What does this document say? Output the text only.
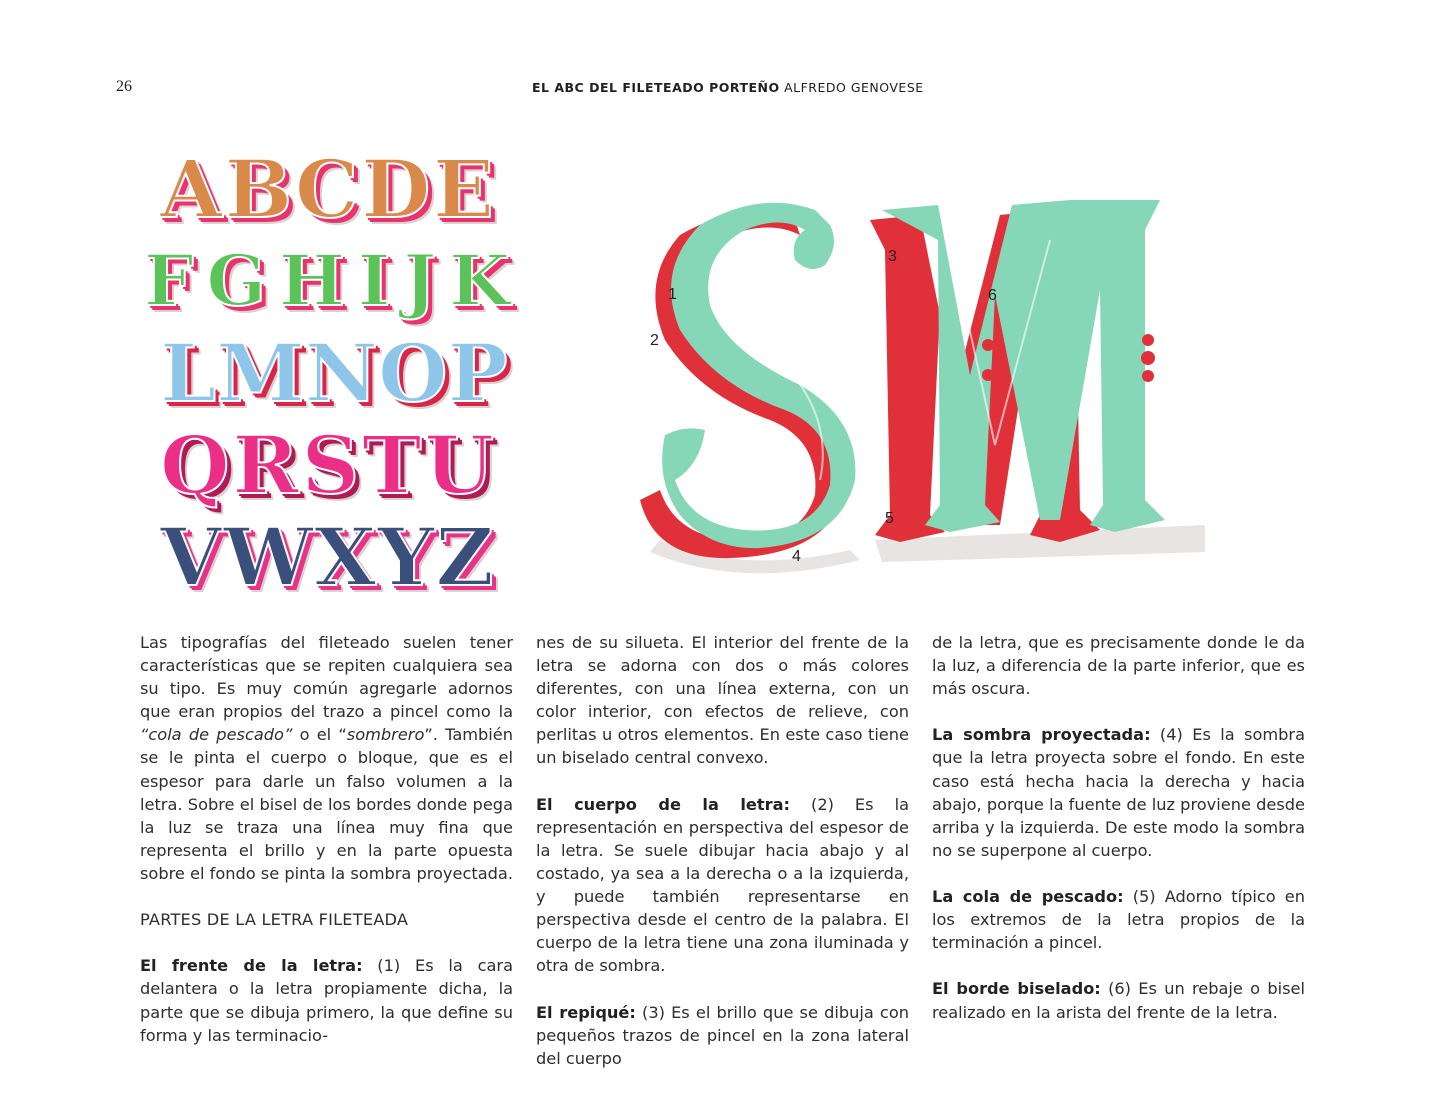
26	EL ABC DEL FILETEADO PORTEÑO ALFREDO GENOVESE
A B C D E
F G H I J K
L M N O P
Q R S T U
V W X Y Z
1
2
3
4
5
6

Las tipografías del fileteado suelen tener características que se repiten cualquiera sea su tipo. Es muy común agregarle adornos que eran propios del trazo a pincel como la “cola de pescado” o el “sombrero”. También se le pinta el cuerpo o bloque, que es el espesor para darle un falso volumen a la letra. Sobre el bisel de los bordes donde pega la luz se traza una línea muy fina que representa el brillo y en la parte opuesta sobre el fondo se pinta la sombra proyectada.

PARTES DE LA LETRA FILETEADA

El frente de la letra: (1) Es la cara delantera o la letra propiamente dicha, la parte que se dibuja primero, la que define su forma y las terminacio-

nes de su silueta. El interior del frente de la letra se adorna con dos o más colores diferentes, con una línea externa, con un color interior, con efectos de relieve, con perlitas u otros elementos. En este caso tiene un biselado central convexo.

El cuerpo de la letra: (2) Es la representación en perspectiva del espesor de la letra. Se suele dibujar hacia abajo y al costado, ya sea a la derecha o a la izquierda, y puede también representarse en perspectiva desde el centro de la palabra. El cuerpo de la letra tiene una zona iluminada y otra de sombra.

El repiqué: (3) Es el brillo que se dibuja con pequeños trazos de pincel en la zona lateral del cuerpo

de la letra, que es precisamente donde le da la luz, a diferencia de la parte inferior, que es más oscura.

La sombra proyectada: (4) Es la sombra que la letra proyecta sobre el fondo. En este caso está hecha hacia la derecha y hacia abajo, porque la fuente de luz proviene desde arriba y la izquierda. De este modo la sombra no se superpone al cuerpo.

La cola de pescado: (5) Adorno típico en los extremos de la letra propios de la terminación a pincel.

El borde biselado: (6) Es un rebaje o bisel realizado en la arista del frente de la letra.
